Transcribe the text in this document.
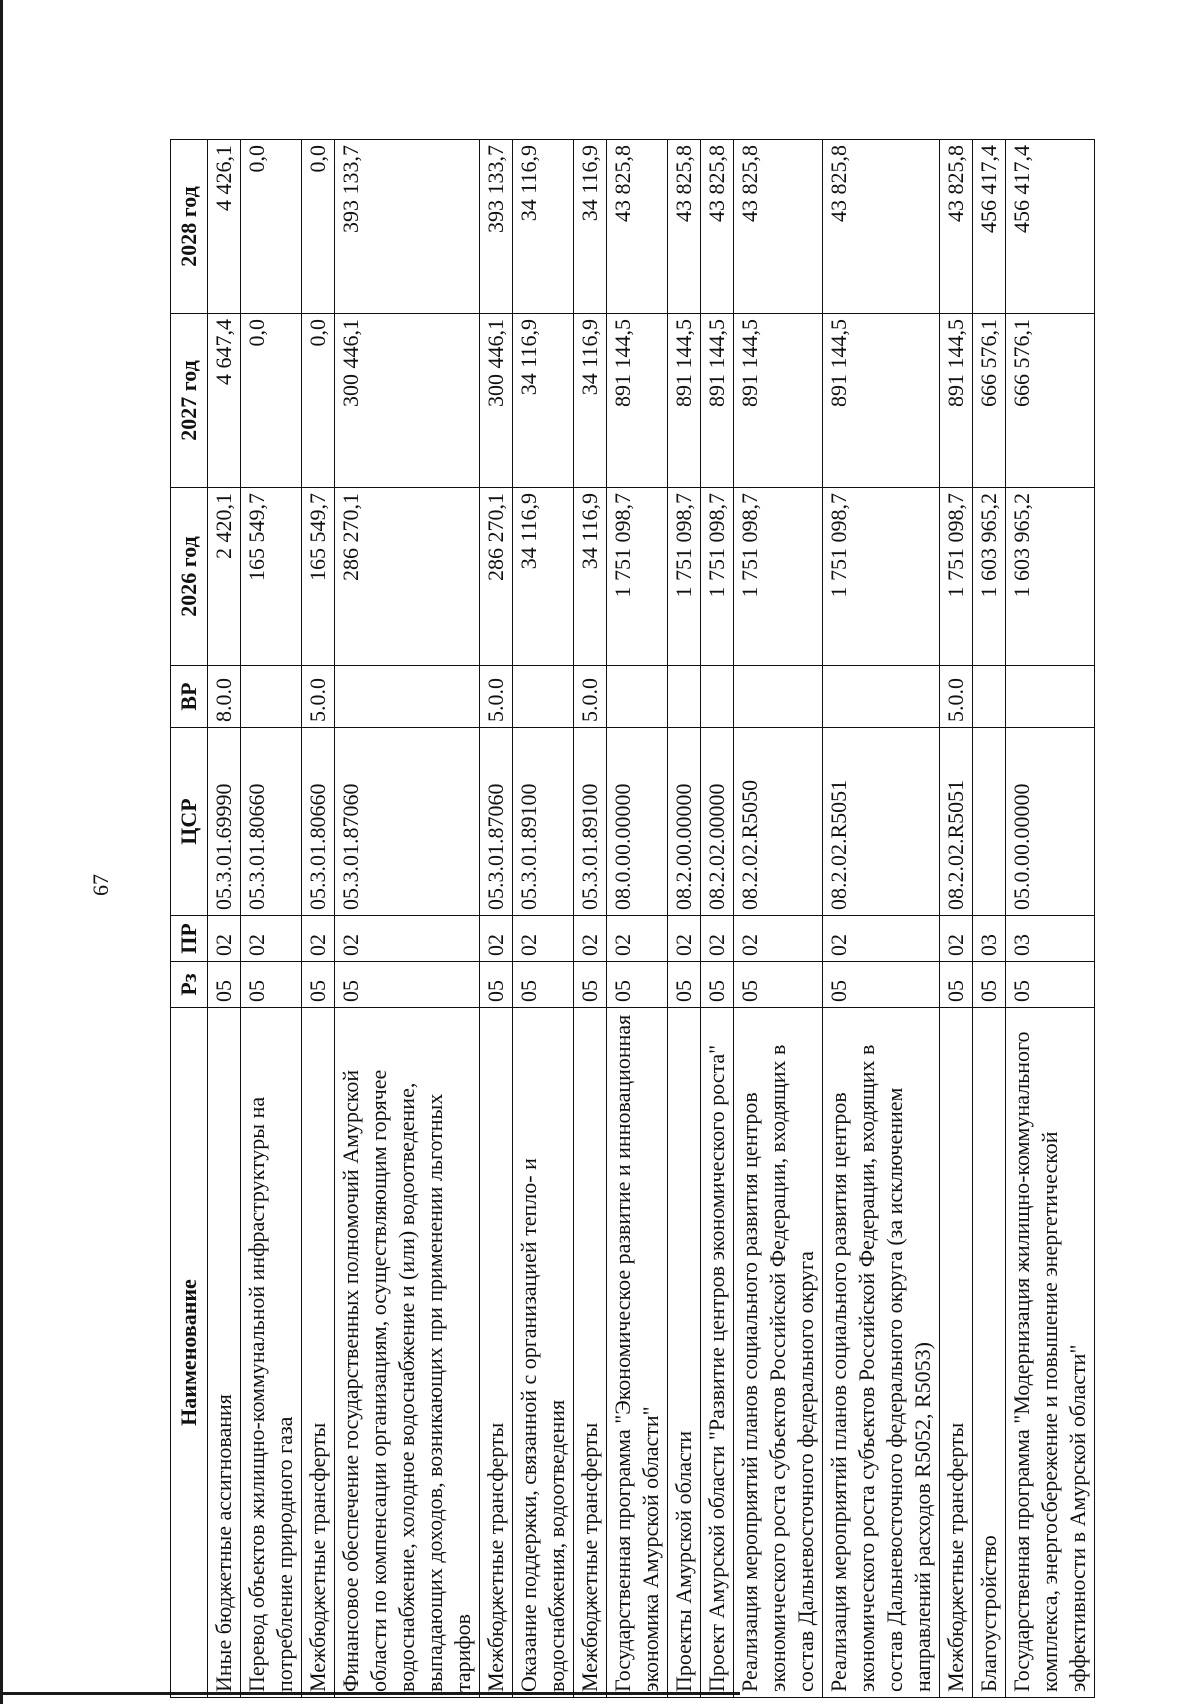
67
Наименование	Рз	ПР	ЦСР	ВР	2026 год	2027 год	2028 год
Иные бюджетные ассигнования	05	02	05.3.01.69990	8.0.0	2 420,1	4 647,4	4 426,1
Перевод объектов жилищно-коммунальной инфраструктуры на потребление природного газа	05	02	05.3.01.80660		165 549,7	0,0	0,0
Межбюджетные трансферты	05	02	05.3.01.80660	5.0.0	165 549,7	0,0	0,0
Финансовое обеспечение государственных полномочий Амурской области по компенсации организациям, осуществляющим горячее водоснабжение, холодное водоснабжение и (или) водоотведение, выпадающих доходов, возникающих при применении льготных тарифов	05	02	05.3.01.87060		286 270,1	300 446,1	393 133,7
Межбюджетные трансферты	05	02	05.3.01.87060	5.0.0	286 270,1	300 446,1	393 133,7
Оказание поддержки, связанной с организацией тепло- и водоснабжения, водоотведения	05	02	05.3.01.89100		34 116,9	34 116,9	34 116,9
Межбюджетные трансферты	05	02	05.3.01.89100	5.0.0	34 116,9	34 116,9	34 116,9
Государственная программа "Экономическое развитие и инновационная экономика Амурской области"	05	02	08.0.00.00000		1 751 098,7	891 144,5	43 825,8
Проекты Амурской области	05	02	08.2.00.00000		1 751 098,7	891 144,5	43 825,8
Проект Амурской области "Развитие центров экономического роста"	05	02	08.2.02.00000		1 751 098,7	891 144,5	43 825,8
Реализация мероприятий планов социального развития центров экономического роста субъектов Российской Федерации, входящих в состав Дальневосточного федерального округа	05	02	08.2.02.R5050		1 751 098,7	891 144,5	43 825,8
Реализация мероприятий планов социального развития центров экономического роста субъектов Российской Федерации, входящих в состав Дальневосточного федерального округа (за исключением направлений расходов R5052, R5053)	05	02	08.2.02.R5051		1 751 098,7	891 144,5	43 825,8
Межбюджетные трансферты	05	02	08.2.02.R5051	5.0.0	1 751 098,7	891 144,5	43 825,8
Благоустройство	05	03			1 603 965,2	666 576,1	456 417,4
Государственная программа "Модернизация жилищно-коммунального комплекса, энергосбережение и повышение энергетической эффективности в Амурской области"	05	03	05.0.00.00000		1 603 965,2	666 576,1	456 417,4
